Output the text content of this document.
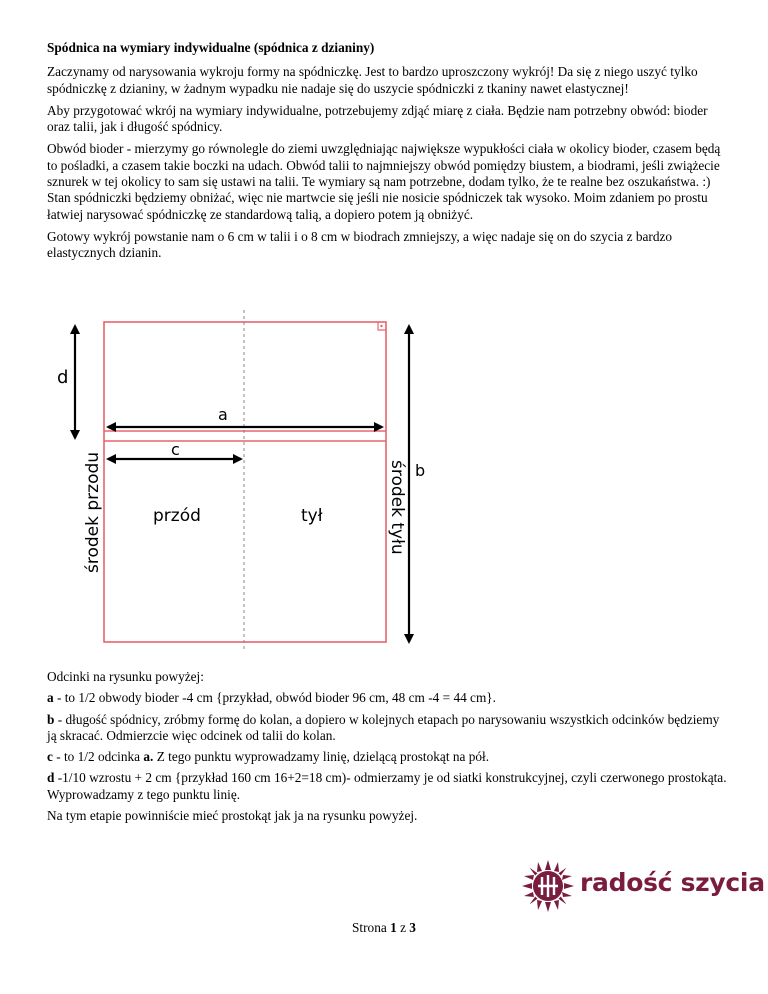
Spódnica na wymiary indywidualne (spódnica z dzianiny)

Zaczynamy od narysowania wykroju formy na spódniczkę. Jest to bardzo uproszczony wykrój! Da się z niego uszyć tylko spódniczkę z dzianiny, w żadnym wypadku nie nadaje się do uszycie spódniczki z tkaniny nawet elastycznej!

Aby przygotować wkrój na wymiary indywidualne, potrzebujemy zdjąć miarę z ciała. Będzie nam potrzebny obwód: bioder oraz talii, jak i długość spódnicy.

Obwód bioder - mierzymy go równolegle do ziemi uwzględniając największe wypukłości ciała w okolicy bioder, czasem będą to pośladki, a czasem takie boczki na udach. Obwód talii to najmniejszy obwód pomiędzy biustem, a biodrami, jeśli zwiążecie sznurek w tej okolicy to sam się ustawi na talii. Te wymiary są nam potrzebne, dodam tylko, że te realne bez oszukaństwa. :) Stan spódniczki będziemy obniżać, więc nie martwcie się jeśli nie nosicie spódniczek tak wysoko. Moim zdaniem po prostu łatwiej narysować spódniczkę ze standardową talią, a dopiero potem ją obniżyć.

Gotowy wykrój powstanie nam o 6 cm w talii i o 8 cm w biodrach zmniejszy, a więc nadaje się on do szycia z bardzo elastycznych dzianin.

d
a
c
b
środek przodu	środek tyłu
przód	tył

Odcinki na rysunku powyżej:

a - to 1/2 obwody bioder -4 cm {przykład, obwód bioder 96 cm, 48 cm -4 = 44 cm}.

b - długość spódnicy, zróbmy formę do kolan, a dopiero w kolejnych etapach po narysowaniu wszystkich odcinków będziemy ją skracać. Odmierzcie więc odcinek od talii do kolan.

c - to 1/2 odcinka a. Z tego punktu wyprowadzamy linię, dzielącą prostokąt na pół.

d -1/10 wzrostu + 2 cm {przykład 160 cm 16+2=18 cm)- odmierzamy je od siatki konstrukcyjnej, czyli czerwonego prostokąta. Wyprowadzamy z tego punktu linię.

Na tym etapie powinniście mieć prostokąt jak ja na rysunku powyżej.

radość szycia
Strona 1 z 3
